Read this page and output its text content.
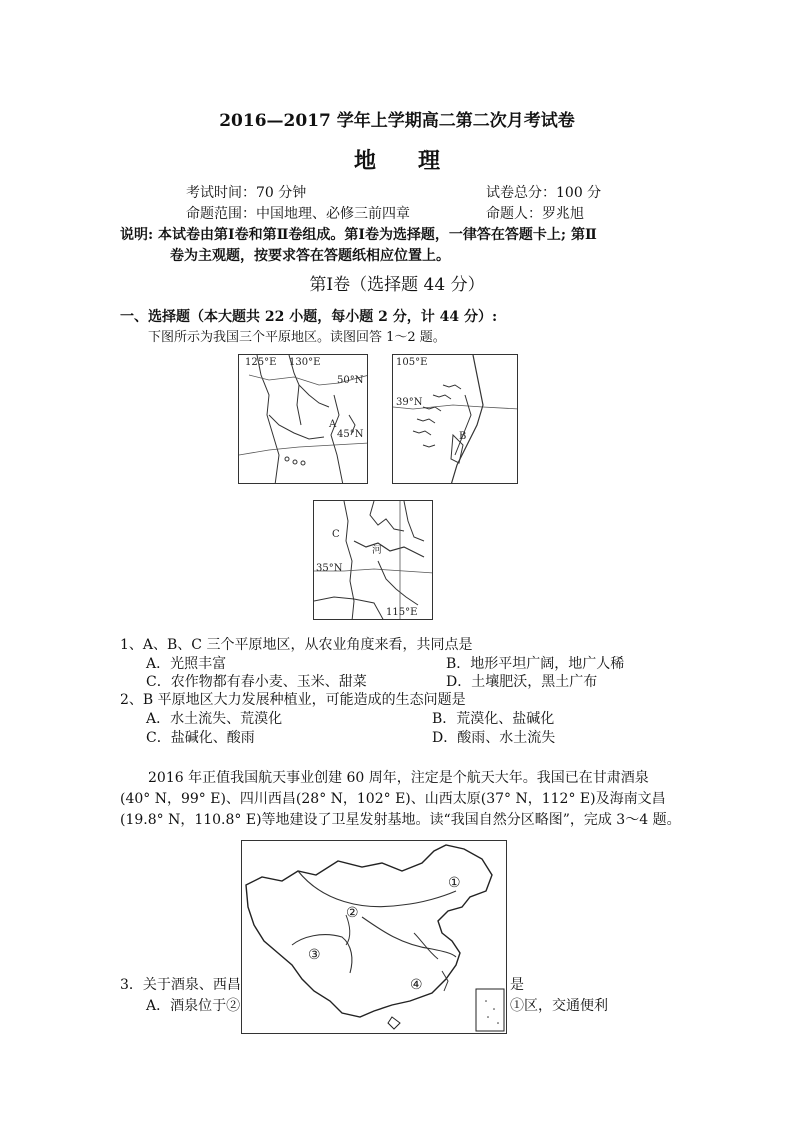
2016—2017 学年上学期高二第二次月考试卷
地理
考试时间：70 分钟	试卷总分：100 分
命题范围：中国地理、必修三前四章	命题人：罗兆旭
说明: 本试卷由第Ⅰ卷和第Ⅱ卷组成。第Ⅰ卷为选择题，一律答在答题卡上; 第Ⅱ
卷为主观题，按要求答在答题纸相应位置上。
第Ⅰ卷（选择题 44 分）
一、选择题（本大题共 22 小题，每小题 2 分，计 44 分）:
下图所示为我国三个平原地区。读图回答 1～2 题。
125°E 130°E
50°N
45°N
A
105°E
39°N
B
C
河
35°N
115°E
1、A、B、C 三个平原地区，从农业角度来看，共同点是
A．光照丰富	B．地形平坦广阔，地广人稀
C．农作物都有春小麦、玉米、甜菜	D．土壤肥沃，黑土广布
2、B 平原地区大力发展种植业，可能造成的生态问题是
A．水土流失、荒漠化	B．荒漠化、盐碱化
C．盐碱化、酸雨	D．酸雨、水土流失
2016 年正值我国航天事业创建 60 周年，注定是个航天大年。我国已在甘肃酒泉
(40° N，99° E)、四川西昌(28° N，102° E)、山西太原(37° N，112° E)及海南文昌
(19.8° N，110.8° E)等地建设了卫星发射基地。读“我国自然分区略图”，完成 3～4 题。
3．关于酒泉、西昌	是
A．酒泉位于②	①区，交通便利
①
②
③
④
